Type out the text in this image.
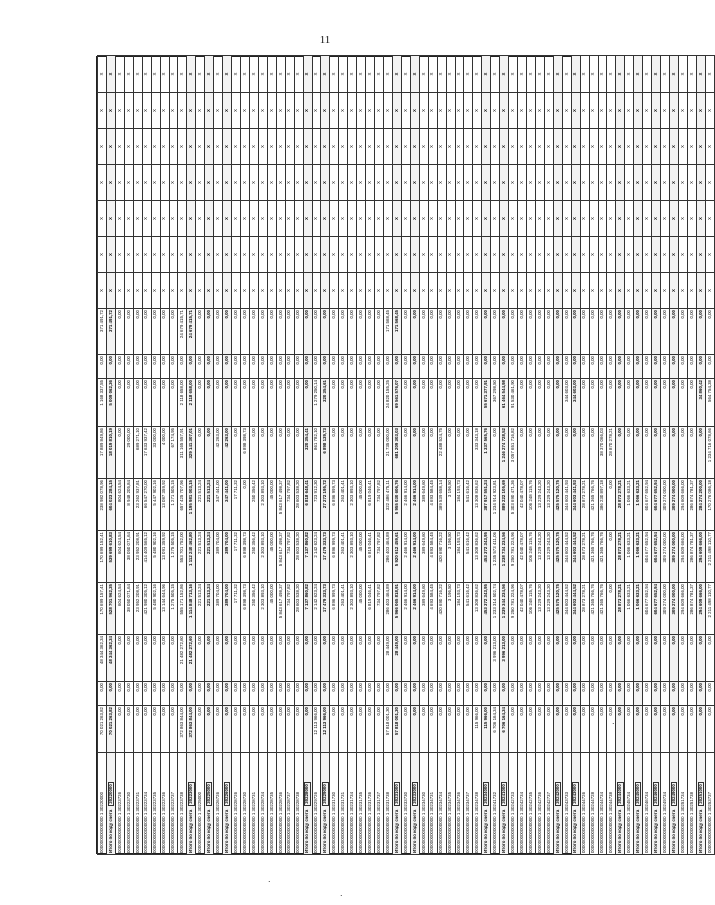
11
000000000000000 1 30220000	70 021 263,82	0,00	48 344 362,34	170 699 157,41	170 699 152,41	238 982 078,96	17 889 849,86	1 168 337,55	0,00	371 491,72	X	X	X	X	X	X	X
Итого по коду счета30220000	70 021 263,82	0,00	48 344 362,34	528 701 962,35	539 699 610,83	604 023 284,15	18 019 810,19	5 009 062,36	0,00	371 491,72	X	X	X	X	X	X	X
000000000000000 1 30223726	0,00	0,00	0,00	604 624,54	604 624,54	804 624,54	0,00	0,00	0,00	0,00	X	X	X	X	X	X	X
000000000000000 1 30223730	0,00	0,00	0,00	38 050 071,64	38 050 071,64	8 948 205,84	29 000,00	0,00	0,00	0,00	X	X	X	X	X	X	X
000000000000000 1 30223731	0,00	0,00	0,00	23 952 208,91	23 952 208,91	23 262 937,81	689 271,10	0,00	0,00	0,00	X	X	X	X	X	X	X
000000000000000 1 30223734	0,00	0,00	0,00	421 980 305,12	414 409 565,12	66 547 270,00	17 633 937,42	0,00	0,00	0,00	X	X	X	X	X	X	X
000000000000000 1 30223735	0,00	0,00	0,00	5 480 902,16	5 480 902,16	5 447 902,16	33 000,00	0,00	0,00	0,00	X	X	X	X	X	X	X
000000000000000 1 30223736	0,00	0,00	0,00	13 144 644,96	13 091 359,92	13 087 359,92	4 000,00	0,00	0,00	0,00	X	X	X	X	X	X	X
000000000000000 1 30223737	0,00	0,00	0,00	1 275 505,15	1 275 505,15	1 271 505,15	67 174,95	0,00	0,00	0,00	X	X	X	X	X	X	X
000000000000000 1 30223738	372 863 844,00	0,00	21 482 272,60	555 171 152,86	553 701 752,00	657 425 707,96	311 165 557,91	2 118 658,00	0,00	24 679 415,71	X	X	X	X	X	X	X
Итого по коду счета30223000	372 863 844,00	0,00	21 482 272,60	1 114 848 713,16	1 112 240 462,80	1 195 981 003,15	329 141 307,01	2 118 658,00	0,00	24 679 415,71	X	X	X	X	X	X	X
000000000000000 1 30225000	0,00	0,00	0,00	221 513,24	221 513,24	221 513,24	0,00	0,00	0,00	0,00	X	X	X	X	X	X	X
Итого по коду счета30225000	0,00	0,00	0,00	221 513,24	221 513,24	221 513,24	0,00	0,00	0,00	0,00	X	X	X	X	X	X	X
000000000000000 1 30226726	0,00	0,00	0,00	389 704,00	389 704,00	347 441,00	42 263,00	0,00	0,00	0,00	X	X	X	X	X	X	X
Итого по коду счета30226000	0,00	0,00	0,00	389 704,00	389 704,00	347 441,00	42 263,00	0,00	0,00	0,00	X	X	X	X	X	X	X
000000000000000 1 30228726	0,00	0,00	0,00	17 711,32	17 711,32	17 711,32	0,00	0,00	0,00	0,00	X	X	X	X	X	X	X
000000000000000 1 30228730	0,00	0,00	0,00	6 898 398,73	6 898 398,73	0,00	6 898 398,73	0,00	0,00	0,00	X	X	X	X	X	X	X
000000000000000 1 30228731	0,00	0,00	0,00	250 356,42	250 356,42	250 356,42	0,00	0,00	0,00	0,00	X	X	X	X	X	X	X
000000000000000 1 30228734	0,00	0,00	0,00	2 303 893,10	2 303 893,10	2 303 893,10	0,00	0,00	0,00	0,00	X	X	X	X	X	X	X
000000000000000 1 30228735	0,00	0,00	0,00	45 000,00	45 000,00	45 000,00	0,00	0,00	0,00	0,00	X	X	X	X	X	X	X
000000000000000 1 30228736	0,00	0,00	0,00	5 843 617 498,37	5 843 617 498,37	5 843 617 498,37	0,00	0,00	0,00	0,00	X	X	X	X	X	X	X
000000000000000 1 30228737	0,00	0,00	0,00	734 797,82	734 797,82	734 797,82	0,00	0,00	0,00	0,00	X	X	X	X	X	X	X
000000000000000 1 30228738	0,00	0,00	0,00	28 603 538,20	28 603 538,20	28 603 538,20	0,00	0,00	0,00	0,00	X	X	X	X	X	X	X
Итого по коду счета30228000	0,00	0,00	0,00	7 137 860,82	7 137 860,82	6 818 648,41	320 354,41	0,00	0,00	0,00	X	X	X	X	X	X	X
000000000000000 1 30229726	12 113 966,00	0,00	0,00	2 142 623,24	2 142 623,24	723 912,30	861 782,10	1 279 250,14	0,00	0,00	X	X	X	X	X	X	X
Итого по коду счета30229000	12 113 966,00	0,00	0,00	17 479 333,73	17 479 333,73	27 272 195,72	6 898 139,73	320 354,61	0,00	0,00	X	X	X	X	X	X	X
000000000000000 1 30231730	0,00	0,00	0,00	6 896 999,73	6 896 999,73	6 896 999,73	0,00	0,00	0,00	0,00	X	X	X	X	X	X	X
000000000000000 1 30231731	0,00	0,00	0,00	263 401,41	263 401,41	263 401,41	0,00	0,00	0,00	0,00	X	X	X	X	X	X	X
000000000000000 1 30231734	0,00	0,00	0,00	2 303 893,10	2 303 893,10	2 303 893,10	0,00	0,00	0,00	0,00	X	X	X	X	X	X	X
000000000000000 1 30231735	0,00	0,00	0,00	45 000,00	45 000,00	45 000,00	0,00	0,00	0,00	0,00	X	X	X	X	X	X	X
000000000000000 1 30231736	0,00	0,00	0,00	6 819 046,41	6 819 046,41	6 819 046,41	0,00	0,00	0,00	0,00	X	X	X	X	X	X	X
000000000000000 1 30231737	0,00	0,00	0,00	734 797,82	734 797,82	734 797,82	0,00	0,00	0,00	0,00	X	X	X	X	X	X	X
000000000000000 1 30231738	57 818 001,30	0,00	28 449,00	286 403 464,89	286 403 464,89	322 486 475,11	21 735 000,00	24 820 155,25	0,00	171 568,45	X	X	X	X	X	X	X
Итого по коду счета30231000	57 818 001,30	0,00	28 449,00	5 966 065 818,91	5 920 612 459,61	5 955 030 606,76	681 209 303,03	69 561 576,07	0,00	171 568,45	X	X	X	X	X	X	X
000000000000000 1 30233730	0,00	0,00	0,00	2 466 914,00	2 466 914,00	2 466 914,00	0,00	0,00	0,00	0,00	X	X	X	X	X	X	X
Итого по коду счета30233000	0,00	0,00	0,00	2 466 914,00	2 466 914,00	2 466 914,00	0,00	0,00	0,00	0,00	X	X	X	X	X	X	X
000000000000000 1 30234730	0,00	0,00	0,00	389 649,60	389 649,60	389 649,60	0,00	0,00	0,00	0,00	X	X	X	X	X	X	X
000000000000000 1 30234731	0,00	0,00	0,00	4 693 584,45	4 693 584,45	4 693 584,45	0,00	0,00	0,00	0,00	X	X	X	X	X	X	X
000000000000000 1 30234734	0,00	0,00	0,00	420 690 716,22	420 690 716,22	389 539 658,14	22 488 524,75	0,00	0,00	0,00	X	X	X	X	X	X	X
000000000000000 1 30234735	0,00	0,00	0,00	3 196,50	3 196,50	3 196,50	0,00	0,00	0,00	0,00	X	X	X	X	X	X	X
000000000000000 1 30234736	0,00	0,00	0,00	184 193,73	184 193,73	184 193,73	0,00	0,00	0,00	0,00	X	X	X	X	X	X	X
000000000000000 1 30234737	0,00	0,00	0,00	541 616,42	541 616,42	541 616,42	0,00	0,00	0,00	0,00	X	X	X	X	X	X	X
000000000000000 1 30234738	115 966,00	0,00	0,00	13 308 836,62	13 308 836,62	13 308 836,62	333 343,18	0,00	0,00	0,00	X	X	X	X	X	X	X
Итого по коду счета30234000	115 966,00	0,00	0,00	453 372 343,95	453 372 343,95	387 917 551,24	1 337 565,76	55 671 377,91	0,00	0,00	X	X	X	X	X	X	X
000000000000000 1 30241732	6 706 164,34	0,00	3 996 213,00	1 233 314 502,74	1 235 573 411,06	1 234 914 923,81	0,00	367 298,50	0,00	0,00	X	X	X	X	X	X	X
Итого по коду счета30241000	6 706 164,34	0,00	3 996 213,00	1 239 344 234,56	1 238 734 234,56	889 222 105,69	1 246 274 728,52	61 464 544,98	0,00	0,00	X	X	X	X	X	X	X
000000000000000 1 30242733	0,00	0,00	0,00	9 250 781 224,96	9 250 781 224,96	5 303 690 471,36	3 057 651 716,82	91 530 461,90	0,00	0,00	X	X	X	X	X	X	X
000000000000000 1 30242734	0,00	0,00	0,00	42 040 478,07	42 040 478,07	42 040 478,07	0,00	0,00	0,00	0,00	X	X	X	X	X	X	X
000000000000000 1 30242735	0,00	0,00	0,00	106 248 115,76	106 248 115,76	106 248 115,76	0,00	0,00	0,00	0,00	X	X	X	X	X	X	X
000000000000000 1 30242736	0,00	0,00	0,00	13 229 243,20	13 229 243,20	13 229 243,20	0,00	0,00	0,00	0,00	X	X	X	X	X	X	X
000000000000000 1 30242737	0,00	0,00	0,00	13 229 243,20	13 229 243,20	13 229 243,20	0,00	0,00	0,00	0,00	X	X	X	X	X	X	X
Итого по коду счета30242000	0,00	0,00	0,00	425 575 120,75	425 575 120,75	425 575 120,75	0,00	0,00	0,00	0,00	X	X	X	X	X	X	X
000000000000000 1 30243733	0,00	0,00	0,00	344 603 444,52	344 603 444,52	344 603 441,93	0,00	344 603,00	0,00	0,00	X	X	X	X	X	X	X
Итого по коду счета30243000	0,00	0,00	0,00	344 603 444,52	344 603 444,52	344 603 441,93	0,00	344 603,00	0,00	0,00	X	X	X	X	X	X	X
000000000000000 1 30244726	0,00	0,00	0,00	28 873 278,21	28 873 278,21	28 873 278,21	0,00	0,00	0,00	0,00	X	X	X	X	X	X	X
000000000000000 1 30244728	0,00	0,00	0,00	421 365 766,76	421 365 766,76	421 365 766,76	0,00	0,00	0,00	0,00	X	X	X	X	X	X	X
000000000000000 1 30244734	0,00	0,00	0,00	421 365 766,76	421 365 766,76	386 230 897,18	38 370 066,03	0,00	0,00	0,00	X	X	X	X	X	X	X
000000000000000 1 30244738	0,00	0,00	0,00	0,00	0,00	0,00	28 870 278,21	0,00	0,00	0,00	X	X	X	X	X	X	X
Итого по коду счета30244000	0,00	0,00	0,00	28 873 278,21	28 873 278,21	28 873 278,21	0,00	0,00	0,00	0,00	X	X	X	X	X	X	X
000000000000000 1 30245734	0,00	0,00	0,00	1 066 633,21	1 066 633,21	1 066 633,21	0,00	0,00	0,00	0,00	X	X	X	X	X	X	X
Итого по коду счета30245000	0,00	0,00	0,00	1 066 633,21	1 066 633,21	1 066 633,21	0,00	0,00	0,00	0,00	X	X	X	X	X	X	X
000000000000000 1 30246734	0,00	0,00	0,00	604 677 652,94	604 677 652,94	604 677 652,94	0,00	0,00	0,00	0,00	X	X	X	X	X	X	X
Итого по коду счета30246000	0,00	0,00	0,00	604 677 652,94	604 677 652,94	604 677 652,94	0,00	0,00	0,00	0,00	X	X	X	X	X	X	X
000000000000000 1 30249734	0,00	0,00	0,00	309 274 000,00	309 274 000,00	309 274 000,00	0,00	0,00	0,00	0,00	X	X	X	X	X	X	X
Итого по коду счета30249000	0,00	0,00	0,00	309 274 000,00	309 274 000,00	309 274 000,00	0,00	0,00	0,00	0,00	X	X	X	X	X	X	X
000000000000000 1 30251734	0,00	0,00	0,00	294 609 666,00	294 609 666,00	294 609 666,00	0,00	0,00	0,00	0,00	X	X	X	X	X	X	X
000000000000000 1 30251738	0,00	0,00	0,00	286 874 781,37	286 874 781,37	286 874 781,37	0,00	0,00	0,00	0,00	X	X	X	X	X	X	X
Итого по коду счета30251000	0,00	0,00	0,00	294 609 666,00	294 609 666,00	284 274 200,00	0,00	34 860,42	0,00	0,00	X	X	X	X	X	X	X
000000000000000 1 30253737	0,00	0,00	0,00	2 211 498 110,77	2 211 498 110,77	170 276 086,18	1 234 716 078,66	564 754,38	0,00	0,00	X	X	X	X	X	X	X
.
.
.
